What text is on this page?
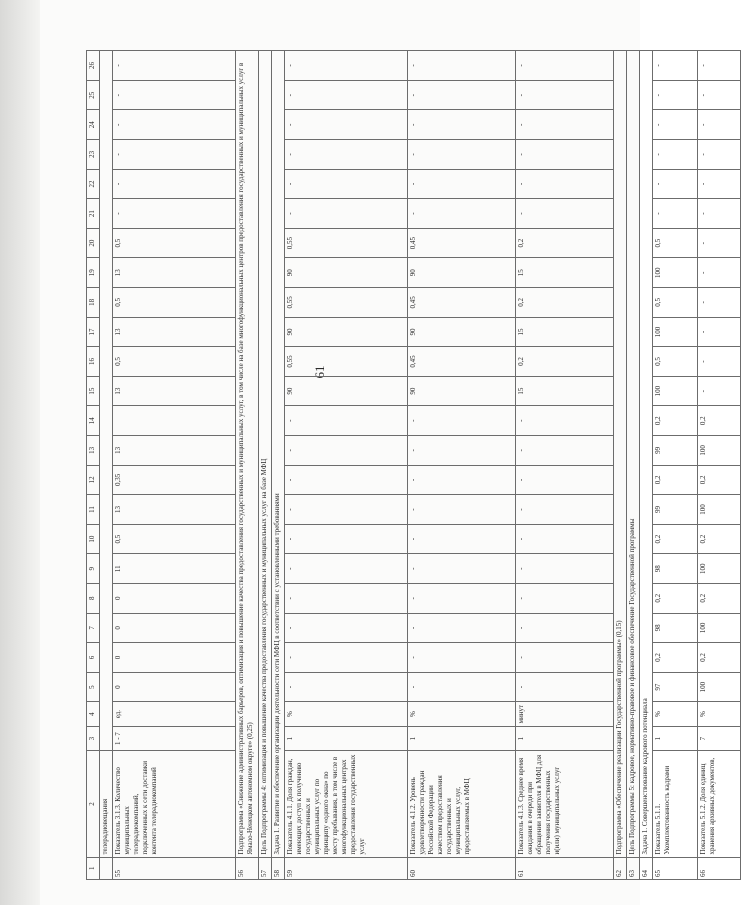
61
1	2	3	4	5	6	7	8	9	10	11	12	13	14	15	16	17	18	19	20	21	22	23	24	25	26
	телерадиовещания																								
55	Показатель 3.1.3. Количество муниципальных телерадиокомпаний, подключенных к сети доставки контента телерадиокомпаний	1 - 7	ед.	0	0	0	0	11	0,5	13	0,35	13		13	0,5	13	0,5	13	0,5	-	-	-	-	-	-
56	Подпрограмма «Снижение административных барьеров, оптимизация и повышение качества предоставления государственных и муниципальных услуг, в том числе на базе многофункциональных центров предоставления государственных и муниципальных услуг в Ямало-Ненецком автономном округе» (0,25)																								
57	Цель Подпрограммы 4: оптимизация и повышение качества предоставления государственных и муниципальных услуг на базе МФЦ																								
58	Задача 1. Развитие и обеспечение организации деятельности сети МФЦ в соответствии с установленными требованиями																								
59	Показатель 4.1.1. Доля граждан, имеющих доступ к получению государственных и муниципальных услуг по принципу «одного окна» по месту пребывания, в том числе в многофункциональных центрах предоставления государственных услуг	1	%	-	-	-	-	-	-	-	-	-	-	90	0,55	90	0,55	90	0,55	-	-	-	-	-	-
60	Показатель 4.1.2. Уровень удовлетворенности граждан Российской Федерации качеством предоставления государственных и муниципальных услуг, предоставляемых в МФЦ	1	%	-	-	-	-	-	-	-	-	-	-	90	0,45	90	0,45	90	0,45	-	-	-	-	-	-
61	Показатель 4.1.3. Среднее время ожидания в очереди при обращении заявителя в МФЦ для получения государственных и(или) муниципальных услуг	1	минут	-	-	-	-	-	-	-	-	-	-	15	0,2	15	0,2	15	0,2	-	-	-	-	-	-
62	Подпрограмма «Обеспечение реализации Государственной программы» (0,15)																								
63	Цель Подпрограммы 5: кадровое, нормативно-правовое и финансовое обеспечение Государственной программы																								
64	Задача 1. Совершенствование кадрового потенциала																								
65	Показатель 5.1.1. Укомплектованность кадрами	1	%	97	0,2	98	0,2	98	0,2	99	0,2	99	0,2	100	0,5	100	0,5	100	0,5	-	-	-	-	-	-
66	Показатель 5.1.2. Доля единиц хранения архивных документов,	7	%	100	0,2	100	0,2	100	0,2	100	0,2	100	0,2	-	-	-	-	-	-	-	-	-	-	-	-
